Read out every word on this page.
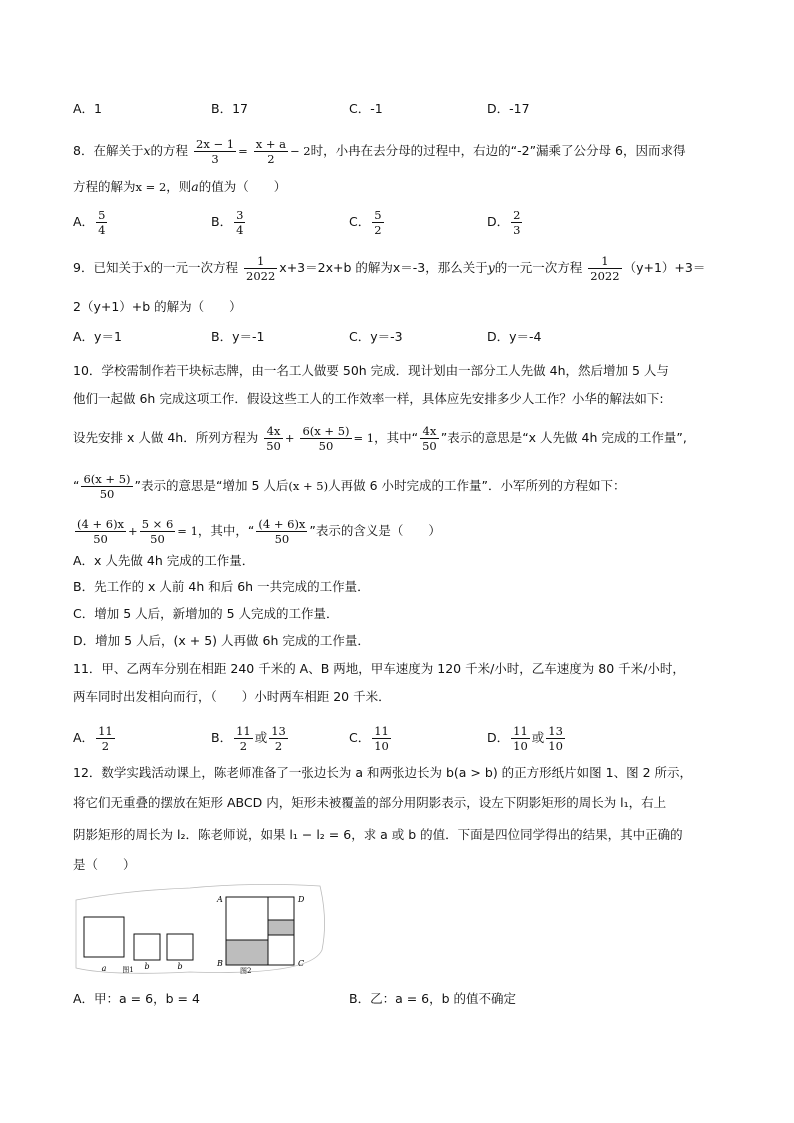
A．1	B．17	C．-1	D．-17
8．在解关于x的方程 $\frac{2x - 1}{3} = \frac{x + a}{2} - 2$时，小冉在去分母的过程中，右边的“-2”漏乘了公分母 6，因而求得
方程的解为x = 2，则a的值为（　　）
A． $\frac{5}{4}$	B． $\frac{3}{4}$	C． $\frac{5}{2}$	D． $\frac{2}{3}$
9．已知关于x的一元一次方程 $\frac{1}{2022} x+3=2x+b$ 的解为x＝-3，那么关于y的一元一次方程 $\frac{1}{2022} (y+1)+3=$
2（y+1）+b 的解为（　　）
A．y＝1	B．y＝-1	C．y＝-3	D．y＝-4
10．学校需制作若干块标志牌，由一名工人做要 50h 完成．现计划由一部分工人先做 4h，然后增加 5 人与
他们一起做 6h 完成这项工作．假设这些工人的工作效率一样，具体应先安排多少人工作？小华的解法如下:
设先安排 x 人做 4h．所列方程为 $\frac{4x}{50} + \frac{6(x + 5)}{50} = 1$，其中“ $\frac{4x}{50}$ ”表示的意思是“x 人先做 4h 完成的工作量”,
“ $\frac{6(x + 5)}{50}$ ”表示的意思是“增加 5 人后(x + 5)人再做 6 小时完成的工作量”．小军所列的方程如下：
$\frac{(4 + 6)x}{50} + \frac{5 \times 6}{50} = 1$，其中，“ $\frac{(4 + 6)x}{50}$ ”表示的含义是（　　）
A．x 人先做 4h 完成的工作量．
B．先工作的 x 人前 4h 和后 6h 一共完成的工作量．
C．增加 5 人后，新增加的 5 人完成的工作量．
D．增加 5 人后，(x + 5) 人再做 6h 完成的工作量．
11．甲、乙两车分别在相距 240 千米的 A、B 两地，甲车速度为 120 千米/小时，乙车速度为 80 千米/小时，
两车同时出发相向而行，（　　）小时两车相距 20 千米．
A． $\frac{11}{2}$	B． $\frac{11}{2}$ 或 $\frac{13}{2}$	C． $\frac{11}{10}$	D． $\frac{11}{10}$ 或 $\frac{13}{10}$
12．数学实践活动课上，陈老师准备了一张边长为 a 和两张边长为 b(a > b) 的正方形纸片如图 1、图 2 所示，
将它们无重叠的摆放在矩形 ABCD 内，矩形未被覆盖的部分用阴影表示，设左下阴影矩形的周长为 l₁，右上
阴影矩形的周长为 l₂．陈老师说，如果 l₁ − l₂ = 6，求 a 或 b 的值．下面是四位同学得出的结果，其中正确的
是（　　）
a	b	b
图1
A	D
B	C
图2
A．甲：a = 6，b = 4	B．乙：a = 6，b 的值不确定
